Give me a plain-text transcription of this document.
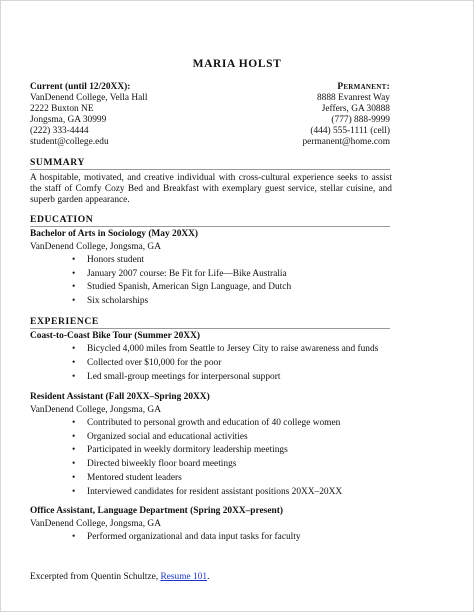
MARIA HOLST
Current (until 12/20XX):
VanDenend College, Vella Hall
2222 Buxton NE
Jongsma, GA 30999
(222) 333-4444
student@college.edu
Permanent:
8888 Evanrest Way
Jeffers, GA 30888
(777) 888-9999
(444) 555-1111 (cell)
permanent@home.com
SUMMARY
A hospitable, motivated, and creative individual with cross-cultural experience seeks to assist the staff of Comfy Cozy Bed and Breakfast with exemplary guest service, stellar cuisine, and superb garden appearance.
EDUCATION
Bachelor of Arts in Sociology (May 20XX)
VanDenend College, Jongsma, GA
• Honors student
• January 2007 course: Be Fit for Life—Bike Australia
• Studied Spanish, American Sign Language, and Dutch
• Six scholarships
EXPERIENCE
Coast-to-Coast Bike Tour (Summer 20XX)
• Bicycled 4,000 miles from Seattle to Jersey City to raise awareness and funds
• Collected over $10,000 for the poor
• Led small-group meetings for interpersonal support
Resident Assistant (Fall 20XX–Spring 20XX)
VanDenend College, Jongsma, GA
• Contributed to personal growth and education of 40 college women
• Organized social and educational activities
• Participated in weekly dormitory leadership meetings
• Directed biweekly floor board meetings
• Mentored student leaders
• Interviewed candidates for resident assistant positions 20XX–20XX
Office Assistant, Language Department (Spring 20XX–present)
VanDenend College, Jongsma, GA
• Performed organizational and data input tasks for faculty
Excerpted from Quentin Schultze, Resume 101.
